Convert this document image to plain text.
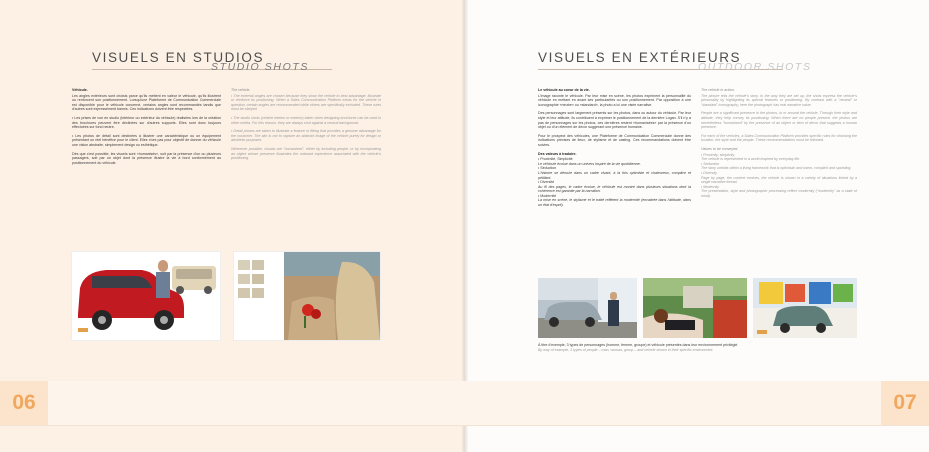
VISUELS EN STUDIOS
STUDIO SHOTS

Véhicule.

Les angles extérieurs sont choisis parce qu'ils mettent en valeur le véhicule, qu'ils illustrent ou renforcent son positionnement. Lorsqu'une Plateforme de Communication Commerciale est disponible pour le véhicule concerné, certains angles sont recommandés tandis que d'autres sont expressément bannis. Ces indications doivent être respectées.

• Les prises de vue en studio (intérieur ou extérieur du véhicule) réalisées lors de la création des brochures peuvent être déclinées sur d'autres supports. Elles sont donc toujours effectuées sur fond neutre.

• Les photos de détail sont destinées à illustrer une caractéristique ou un équipement présentant un réel bénéfice pour le client. Elles n'ont pas pour objectif de donner du véhicule une vision abstraite, simplement design ou esthétique.

Dès que c'est possible, les visuels sont «humanisés», soit par la présence d'un ou plusieurs passagers, soit par un objet dont la présence illustre la vie à bord conformément au positionnement du véhicule.

The vehicle.

• The external angles are chosen because they show the vehicle to best advantage, illustrate or reinforce its positioning. When a Sales Communication Platform exists for the vehicle in question, certain angles are recommended while others are specifically excluded. These rules must be obeyed.

• The studio shots (vehicle interior or exterior) taken when designing brochures can be used in other media. For this reason, they are always shot against a neutral background.

• Detail photos are taken to illustrate a feature or fitting that provides a genuine advantage for the customer. The aim is not to capture an abstract image of the vehicle purely for design or aesthetic purposes.

Whenever possible, visuals are "humanised", either by including people, or by incorporating an object whose presence illustrates the onboard experience associated with the vehicle's positioning.

VISUELS EN EXTÉRIEURS
OUTDOOR SHOTS

Le véhicule au coeur de la vie.

L'image raconte le véhicule. Par leur mise en scène, les photos expriment la personnalité du véhicule en mettant en avant ses particularités ou son positionnement. Par opposition à une iconographie «neutre» ou «standard», la photo a ici une visée narrative.

Des personnages sont largement présents sur les photos, dans ou autour du véhicule. Par leur style et leur attitude, ils contribuent à exprimer le positionnement de la dernière Logan. S'il n'y a pas de personnages sur les photos, ces dernières restent «humanisées» par la présence d'un objet ou d'un élément de décor suggérant une présence humaine.

Pour le prospect des véhicules, une Plateforme de Communication Commerciale donne des indications précises de lieux, de stylisme et de casting. Ces recommandations doivent être suivies.

Des valeurs à traduire.

• Proximité, Simplicité

Le véhicule évolue dans un univers inspiré de la vie quotidienne.

• Séduction

L'histoire se déroule dans un cadre vivant, à la fois optimiste et chaleureux, complice et pétillant.

• Diversité

Au fil des pages, le cadre évolue, le véhicule est montré dans plusieurs situations dont la cohérence est garantie par la narration.

• Modernité

La mise en scène, le stylisme et le traité reflètent la modernité (encadrée dans l'attitude, dans un état d'esprit).

The vehicle in action.

The picture tells the vehicle's story. In the way they are set up, the shots express the vehicle's personality by highlighting its special features or positioning. By contrast with a "neutral" or "standard" iconography, here the photograph has real narrative value.

People are a significant presence in the photos, in or around the vehicle. Through their style and attitude, they help convey its positioning. When there are no people present, the photos are nevertheless "humanised" by the presence of an object or item of decor that suggests a human presence.

For each of the vehicles, a Sales Communication Platform provides specific rules for choosing the location, the style and the people. These recommendations must be followed.

Values to be conveyed.

• Proximity, simplicity

The vehicle is represented in a world inspired by everyday life.

• Seduction

The story unfolds within a living framework that is optimistic and warm, complicit and sparkling.

• Diversity

Page by page, the context evolves, the vehicle is shown in a variety of situations linked by a single narrative thread.

• Modernity

The presentation, style and photographic processing reflect modernity ("modernity" as a state of mind).

À titre d'exemple, 3 types de personnages (homme, femme, groupe) et véhicule présentés dans leur environnement privilégié.
By way of example, 3 types of people – man, woman, group – and vehicle shown in their specific environment.
06	07
